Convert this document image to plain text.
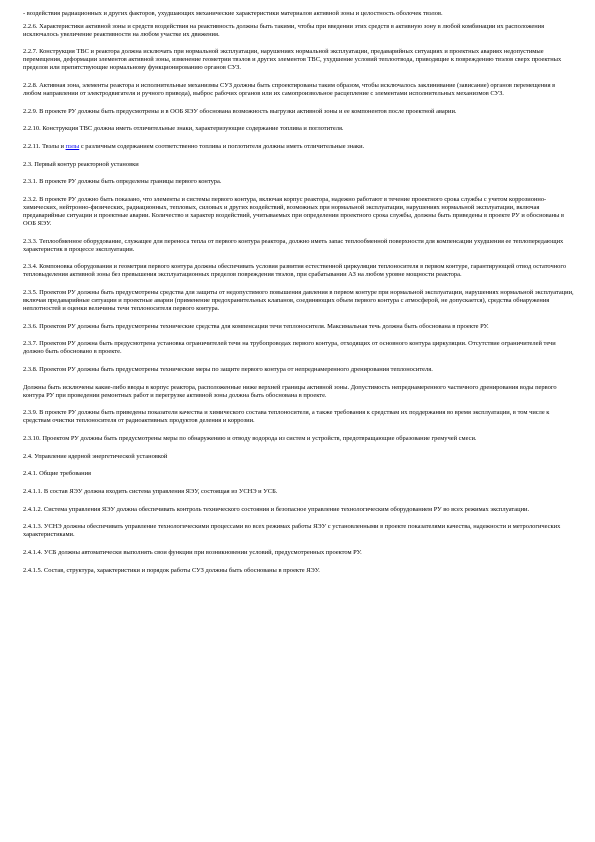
- воздействия радиационных и других факторов, ухудшающих механические характеристики материалов активной зоны и целостность оболочек твэлов.

2.2.6. Характеристики активной зоны и средств воздействия на реактивность должны быть такими, чтобы при введении этих средств в активную зону в любой комбинации их расположения исключалось увеличение реактивности на любом участке их движения.

2.2.7. Конструкция ТВС и реактора должна исключать при нормальной эксплуатации, нарушениях нормальной эксплуатации, предаварийных ситуациях и проектных авариях недопустимые перемещения, деформации элементов активной зоны, изменение геометрии твэлов и других элементов ТВС, ухудшение условий теплоотвода, приводящие к повреждению твэлов сверх проектных пределов или препятствующие нормальному функционированию органов СУЗ.

2.2.8. Активная зона, элементы реактора и исполнительные механизмы СУЗ должны быть спроектированы таким образом, чтобы исключалось заклинивание (зависание) органов перемещения в любом направлении от электродвигателя и ручного привода), выброс рабочих органов или их самопроизвольное расцепление с элементами исполнительных механизмов СУЗ.

2.2.9. В проекте РУ должны быть предусмотрены и в ООБ ЯЭУ обоснована возможность выгрузки активной зоны и ее компонентов после проектной аварии.

2.2.10. Конструкция ТВС должна иметь отличительные знаки, характеризующие содержание топлива и поглотителя.

2.2.11. Твэлы и пэлы с различным содержанием соответственно топлива и поглотителя должны иметь отличительные знаки.

2.3. Первый контур реакторной установки

2.3.1. В проекте РУ должны быть определены границы первого контура.

2.3.2. В проекте РУ должно быть показано, что элементы и системы первого контура, включая корпус реактора, надежно работают в течение проектного срока службы с учетом коррозионно-химических, нейтронно-физических, радиационных, тепловых, силовых и других воздействий, возможных при нормальной эксплуатации, нарушениях нормальной эксплуатации, включая предаварийные ситуации и проектные аварии. Количество и характер воздействий, учитываемых при определении проектного срока службы, должны быть приведены в проекте РУ и обоснованы в ООБ ЯЭУ.

2.3.3. Теплообменное оборудование, служащее для переноса тепла от первого контура реактора, должно иметь запас теплообменной поверхности для компенсации ухудшения ее теплопередающих характеристик в процессе эксплуатации.

2.3.4. Компоновка оборудования и геометрия первого контура должны обеспечивать условия развития естественной циркуляции теплоносителя в первом контуре, гарантирующей отвод остаточного тепловыделения активной зоны без превышения эксплуатационных пределов повреждения твэлов, при срабатывании АЗ на любом уровне мощности реактора.

2.3.5. Проектом РУ должны быть предусмотрены средства для защиты от недопустимого повышения давления в первом контуре при нормальной эксплуатации, нарушениях нормальной эксплуатации, включая предаварийные ситуации и проектные аварии (применение предохранительных клапанов, соединяющих объем первого контура с атмосферой, не допускается), средства обнаружения неплотностей и оценки величины течи теплоносителя первого контура.

2.3.6. Проектом РУ должны быть предусмотрены технические средства для компенсации течи теплоносителя. Максимальная течь должна быть обоснована в проекте РУ.

2.3.7. Проектом РУ должна быть предусмотрена установка ограничителей течи на трубопроводах первого контура, отходящих от основного контура циркуляции. Отсутствие ограничителей течи должно быть обосновано в проекте.

2.3.8. Проектом РУ должны быть предусмотрены технические меры по защите первого контура от непреднамеренного дренирования теплоносителя.

Должны быть исключены какие-либо вводы в корпус реактора, расположенные ниже верхней границы активной зоны. Допустимость непреднамеренного частичного дренирования воды первого контура РУ при проведении ремонтных работ и перегрузке активной зоны должна быть обоснована в проекте.

2.3.9. В проекте РУ должны быть приведены показатели качества и химического состава теплоносителя, а также требования к средствам их поддержания во время эксплуатации, в том числе к средствам очистки теплоносителя от радиоактивных продуктов деления и коррозии.

2.3.10. Проектом РУ должны быть предусмотрены меры по обнаружению и отводу водорода из систем и устройств, предотвращающие образование гремучей смеси.

2.4. Управление ядерной энергетической установкой

2.4.1. Общие требования

2.4.1.1. В состав ЯЭУ должна входить система управления ЯЭУ, состоящая из УСНЭ и УСБ.

2.4.1.2. Система управления ЯЭУ должна обеспечивать контроль технического состояния и безопасное управление технологическим оборудованием РУ во всех режимах эксплуатации.

2.4.1.3. УСНЭ должны обеспечивать управление технологическими процессами во всех режимах работы ЯЭУ с установленными в проекте показателями качества, надежности и метрологических характеристиками.

2.4.1.4. УСБ должны автоматически выполнять свои функции при возникновении условий, предусмотренных проектом РУ.

2.4.1.5. Состав, структура, характеристики и порядок работы СУЗ должны быть обоснованы в проекте ЯЭУ.
